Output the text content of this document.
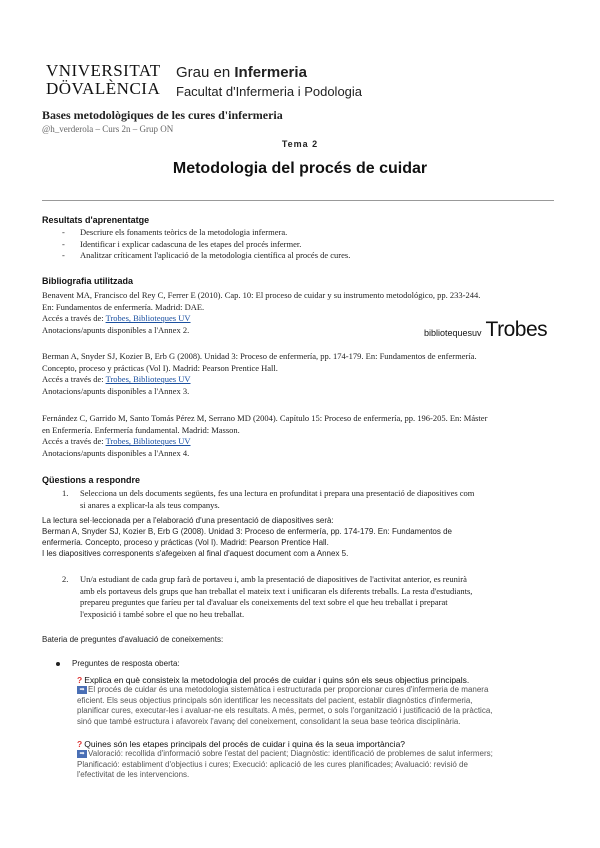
VNIVERSITAT
DÖVALÈNCIA
Grau en Infermeria
Facultat d'Infermeria i Podologia
Bases metodològiques de les cures d'infermeria
@h_verderola – Curs 2n – Grup ON
Tema 2
Metodologia del procés de cuidar
Resultats d'aprenentatge
- Descriure els fonaments teòrics de la metodologia infermera.
- Identificar i explicar cadascuna de les etapes del procés infermer.
- Analitzar críticament l'aplicació de la metodologia científica al procés de cures.
Bibliografia utilitzada
Benavent MA, Francisco del Rey C, Ferrer E (2010). Cap. 10: El proceso de cuidar y su instrumento metodológico, pp. 233-244.
En: Fundamentos de enfermería. Madrid: DAE.
Accés a través de: Trobes, Biblioteques UV
Anotacions/apunts disponibles a l'Annex 2.	bibliotequesuv Trobes
Berman A, Snyder SJ, Kozier B, Erb G (2008). Unidad 3: Proceso de enfermería, pp. 174-179. En: Fundamentos de enfermería.
Concepto, proceso y prácticas (Vol I). Madrid: Pearson Prentice Hall.
Accés a través de: Trobes, Biblioteques UV
Anotacions/apunts disponibles a l'Annex 3.
Fernández C, Garrido M, Santo Tomás Pérez M, Serrano MD (2004). Capítulo 15: Proceso de enfermería, pp. 196-205. En: Máster
en Enfermería. Enfermería fundamental. Madrid: Masson.
Accés a través de: Trobes, Biblioteques UV
Anotacions/apunts disponibles a l'Annex 4.
Qüestions a respondre
1. Selecciona un dels documents següents, fes una lectura en profunditat i prepara una presentació de diapositives com
si anares a explicar-la als teus companys.
La lectura sel·leccionada per a l'elaboració d'una presentació de diapositives serà:
Berman A, Snyder SJ, Kozier B, Erb G (2008). Unidad 3: Proceso de enfermería, pp. 174-179. En: Fundamentos de
enfermería. Concepto, proceso y prácticas (Vol I). Madrid: Pearson Prentice Hall.
I les diapositives corresponents s'afegeixen al final d'aquest document com a Annex 5.
2. Un/a estudiant de cada grup farà de portaveu i, amb la presentació de diapositives de l'activitat anterior, es reunirà
amb els portaveus dels grups que han treballat el mateix text i unificaran els diferents treballs. La resta d'estudiants,
preparеu preguntes que faríeu per tal d'avaluar els coneixements del text sobre el que heu treballat i preparat
l'exposició i també sobre el que no heu treballat.
Bateria de preguntes d'avaluació de coneixements:
Preguntes de resposta oberta:
? Explica en què consisteix la metodologia del procés de cuidar i quins són els seus objectius principals.
➡ El procés de cuidar és una metodologia sistemàtica i estructurada per proporcionar cures d'infermeria de manera
eficient. Els seus objectius principals són identificar les necessitats del pacient, establir diagnòstics d'infermeria,
planificar cures, executar-les i avaluar-ne els resultats. A més, permet, o sols l'organització i justificació de la pràctica,
sinó que també estructura i afavoreix l'avanç del coneixement, consolidant la seua base teòrica disciplinària.
? Quines són les etapes principals del procés de cuidar i quina és la seua importància?
➡ Valoració: recollida d'informació sobre l'estat del pacient; Diagnòstic: identificació de problemes de salut infermers;
Planificació: establiment d'objectius i cures; Execució: aplicació de les cures planificades; Avaluació: revisió de
l'efectivitat de les intervencions.
